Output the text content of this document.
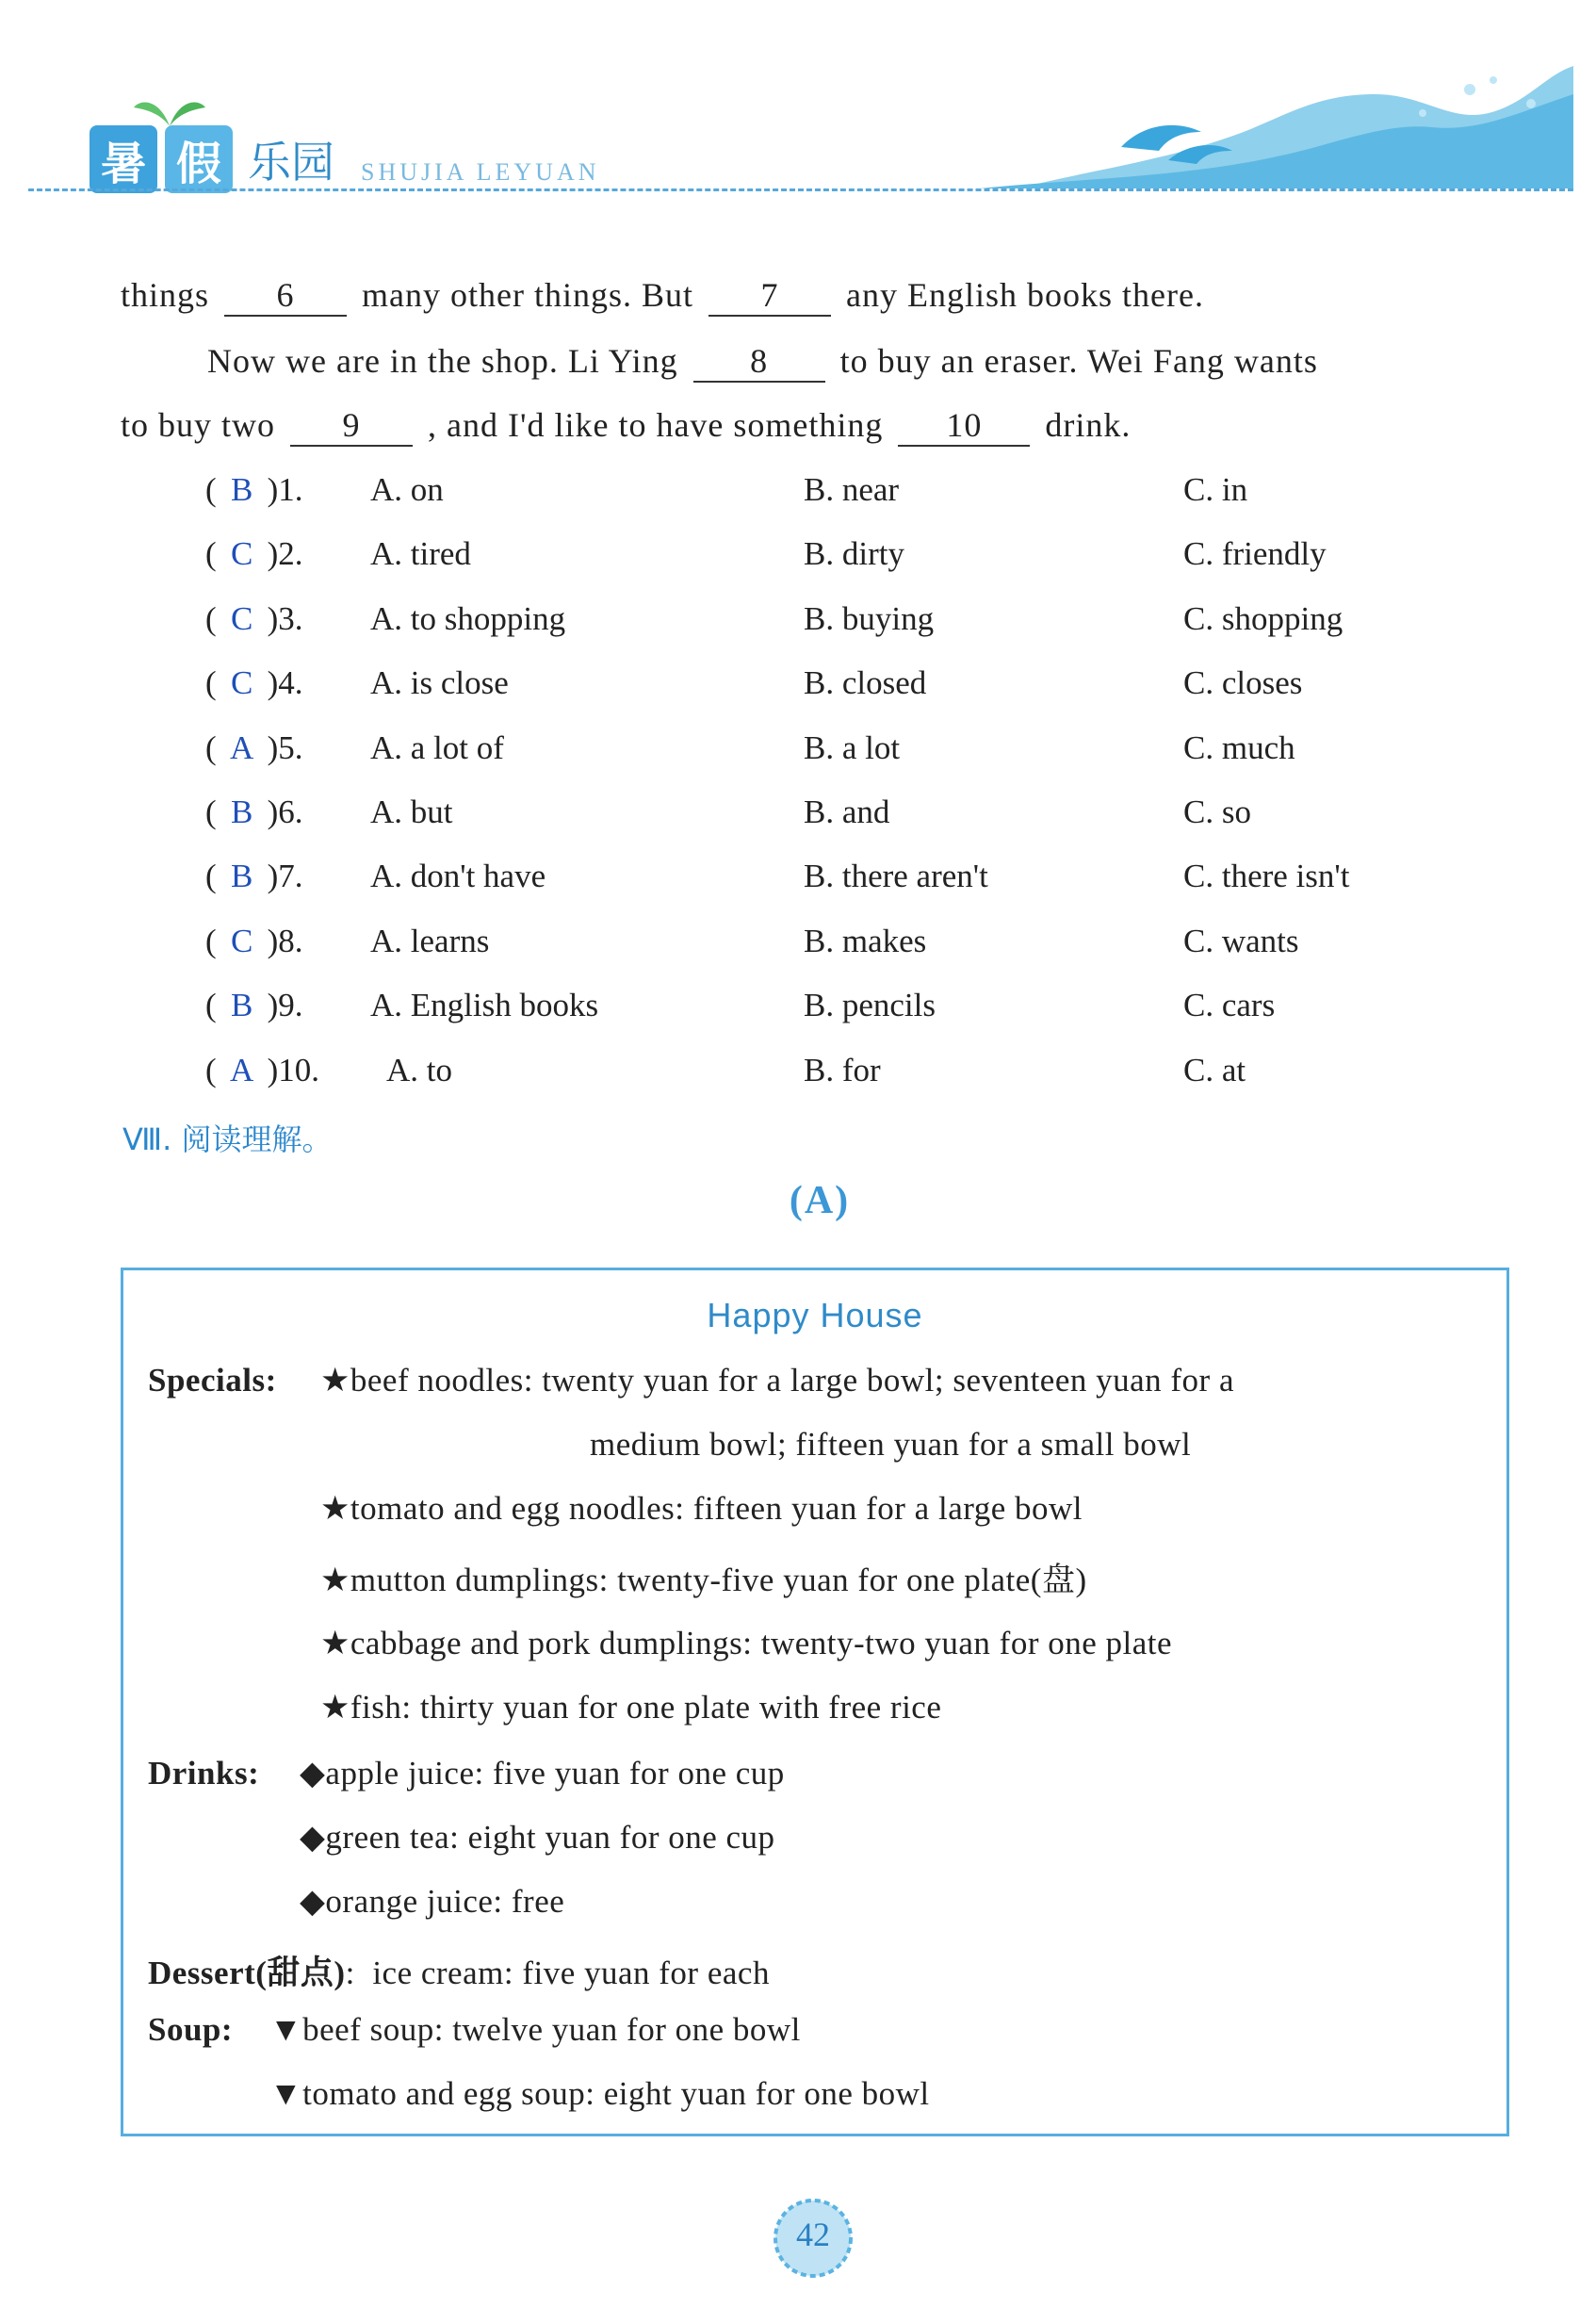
暑 假 乐园 SHUJIA LEYUAN
things 6 many other things. But 7 any English books there.
Now we are in the shop. Li Ying 8 to buy an eraser. Wei Fang wants
to buy two 9 , and I'd like to have something 10 drink.
( B )1. A. on	B. near	C. in
( C )2. A. tired	B. dirty	C. friendly
( C )3. A. to shopping	B. buying	C. shopping
( C )4. A. is close	B. closed	C. closes
( A )5. A. a lot of	B. a lot	C. much
( B )6. A. but	B. and	C. so
( B )7. A. don't have	B. there aren't	C. there isn't
( C )8. A. learns	B. makes	C. wants
( B )9. A. English books	B. pencils	C. cars
( A )10. A. to	B. for	C. at
Ⅷ. 阅读理解。
(A)
Happy House
Specials: ★beef noodles: twenty yuan for a large bowl; seventeen yuan for a
medium bowl; fifteen yuan for a small bowl
★tomato and egg noodles: fifteen yuan for a large bowl
★mutton dumplings: twenty-five yuan for one plate(盘)
★cabbage and pork dumplings: twenty-two yuan for one plate
★fish: thirty yuan for one plate with free rice
Drinks: ◆apple juice: five yuan for one cup
◆green tea: eight yuan for one cup
◆orange juice: free
Dessert(甜点):  ice cream: five yuan for each
Soup: ▼beef soup: twelve yuan for one bowl
▼tomato and egg soup: eight yuan for one bowl
42
